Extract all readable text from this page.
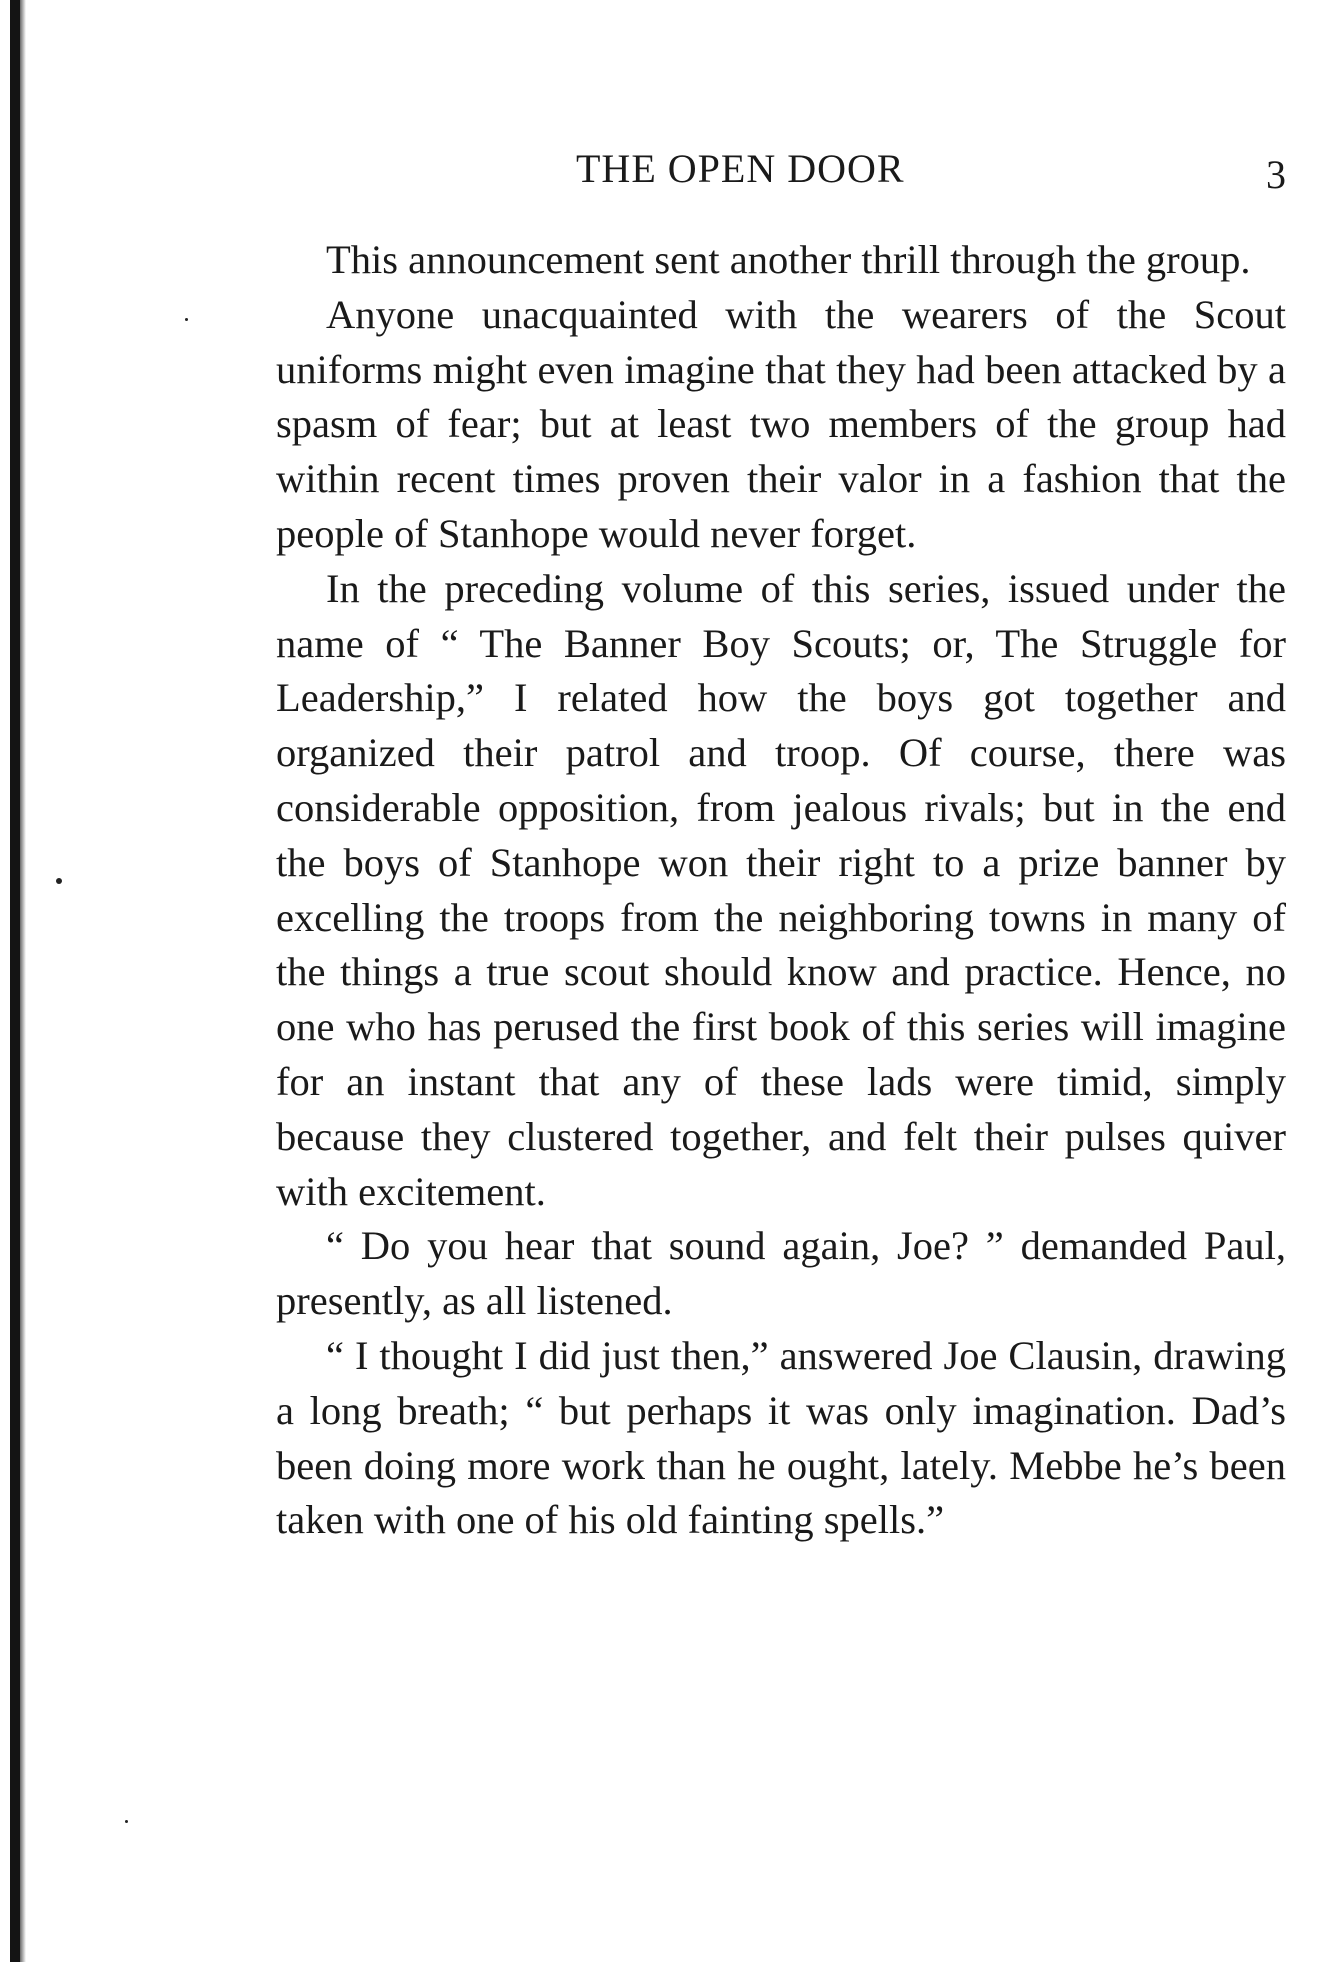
THE OPEN DOOR	3

This announcement sent another thrill through the group.

Anyone unacquainted with the wearers of the Scout uniforms might even imagine that they had been attacked by a spasm of fear; but at least two members of the group had within recent times proven their valor in a fashion that the people of Stanhope would never forget.

In the preceding volume of this series, issued under the name of “ The Banner Boy Scouts; or, The Struggle for Leadership,” I related how the boys got together and organized their patrol and troop. Of course, there was considerable opposition, from jealous rivals; but in the end the boys of Stanhope won their right to a prize banner by excelling the troops from the neighboring towns in many of the things a true scout should know and practice. Hence, no one who has perused the first book of this series will imagine for an instant that any of these lads were timid, simply because they clustered together, and felt their pulses quiver with excitement.

“ Do you hear that sound again, Joe? ” demanded Paul, presently, as all listened.

“ I thought I did just then,” answered Joe Clausin, drawing a long breath; “ but perhaps it was only imagination. Dad’s been doing more work than he ought, lately. Mebbe he’s been taken with one of his old fainting spells.”
